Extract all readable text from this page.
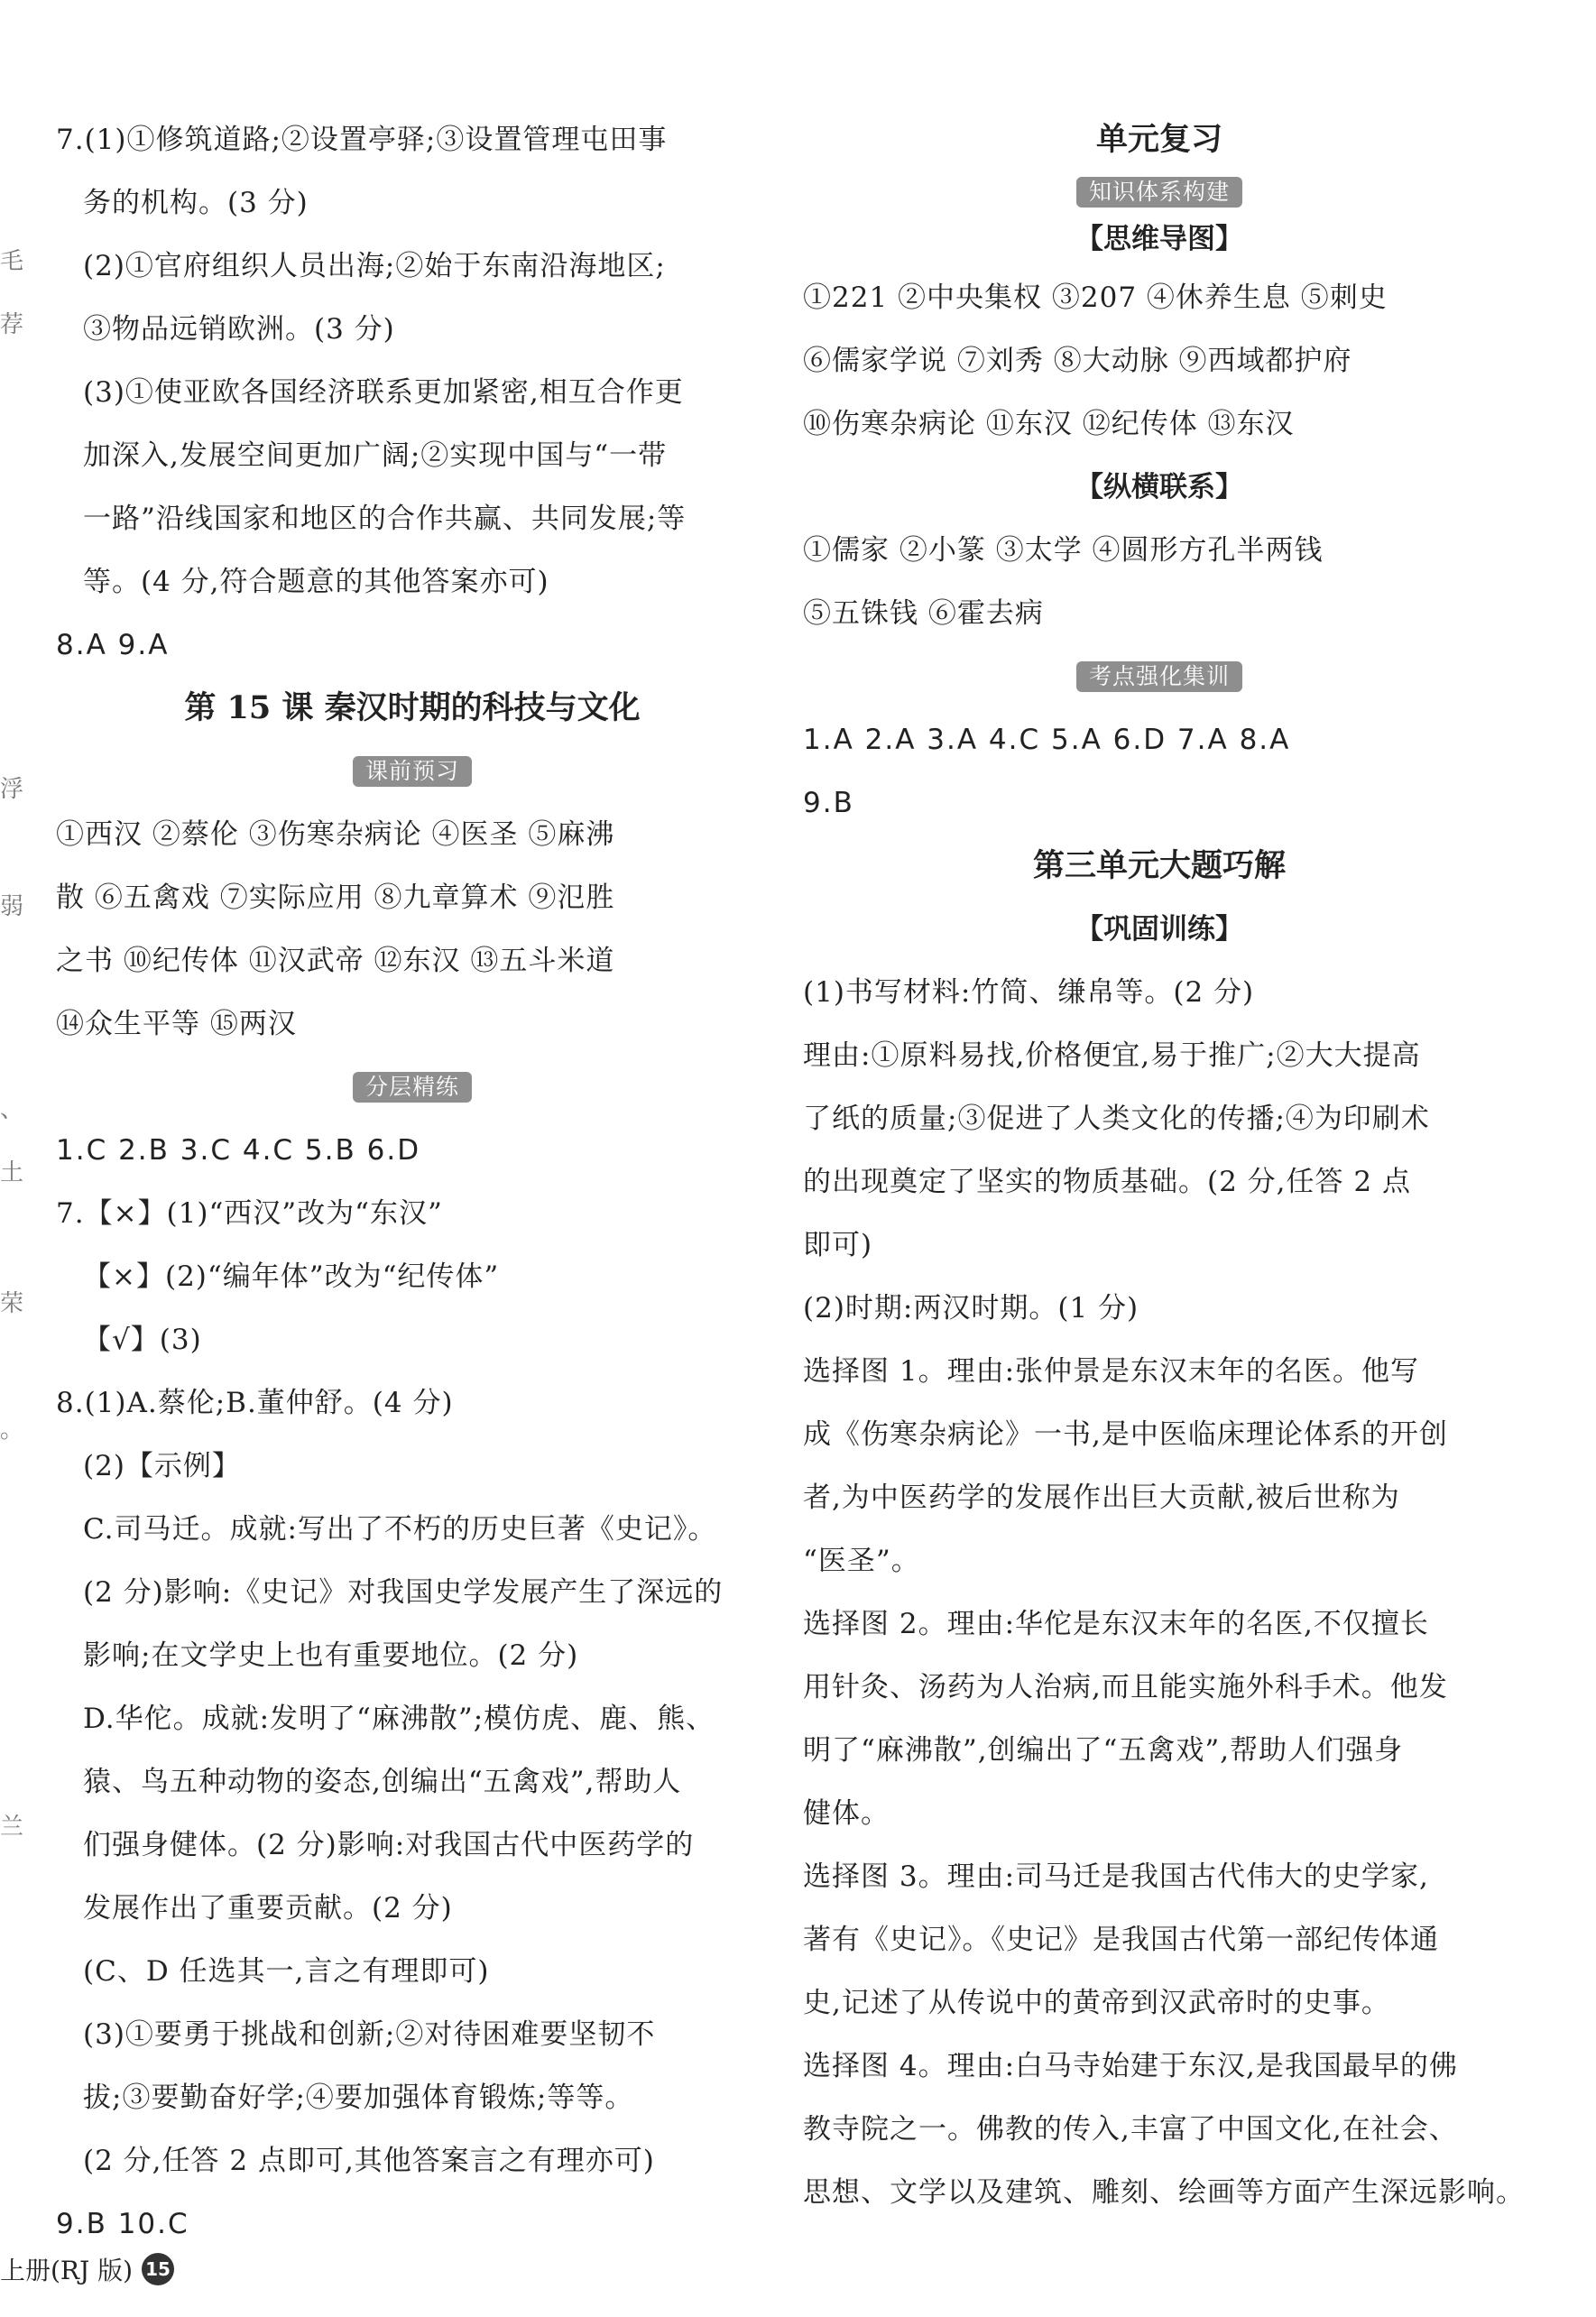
毛
荐
浮
弱
、
土
荣
。
兰
7.(1)①修筑道路;②设置亭驿;③设置管理屯田事
务的机构。(3 分)
(2)①官府组织人员出海;②始于东南沿海地区;
③物品远销欧洲。(3 分)
(3)①使亚欧各国经济联系更加紧密,相互合作更
加深入,发展空间更加广阔;②实现中国与“一带
一路”沿线国家和地区的合作共赢、共同发展;等
等。(4 分,符合题意的其他答案亦可)
8.A 9.A
第 15 课 秦汉时期的科技与文化
课前预习
①西汉 ②蔡伦 ③伤寒杂病论 ④医圣 ⑤麻沸
散 ⑥五禽戏 ⑦实际应用 ⑧九章算术 ⑨氾胜
之书 ⑩纪传体 ⑪汉武帝 ⑫东汉 ⑬五斗米道
⑭众生平等 ⑮两汉
分层精练
1.C 2.B 3.C 4.C 5.B 6.D
7.【×】(1)“西汉”改为“东汉”
【×】(2)“编年体”改为“纪传体”
【√】(3)
8.(1)A.蔡伦;B.董仲舒。(4 分)
(2)【示例】
C.司马迁。成就:写出了不朽的历史巨著《史记》。
(2 分)影响:《史记》对我国史学发展产生了深远的
影响;在文学史上也有重要地位。(2 分)
D.华佗。成就:发明了“麻沸散”;模仿虎、鹿、熊、
猿、鸟五种动物的姿态,创编出“五禽戏”,帮助人
们强身健体。(2 分)影响:对我国古代中医药学的
发展作出了重要贡献。(2 分)
(C、D 任选其一,言之有理即可)
(3)①要勇于挑战和创新;②对待困难要坚韧不
拔;③要勤奋好学;④要加强体育锻炼;等等。
(2 分,任答 2 点即可,其他答案言之有理亦可)
9.B 10.C
单元复习
知识体系构建
【思维导图】
①221 ②中央集权 ③207 ④休养生息 ⑤刺史
⑥儒家学说 ⑦刘秀 ⑧大动脉 ⑨西域都护府
⑩伤寒杂病论 ⑪东汉 ⑫纪传体 ⑬东汉
【纵横联系】
①儒家 ②小篆 ③太学 ④圆形方孔半两钱
⑤五铢钱 ⑥霍去病
考点强化集训
1.A 2.A 3.A 4.C 5.A 6.D 7.A 8.A
9.B
第三单元大题巧解
【巩固训练】
(1)书写材料:竹简、缣帛等。(2 分)
理由:①原料易找,价格便宜,易于推广;②大大提高
了纸的质量;③促进了人类文化的传播;④为印刷术
的出现奠定了坚实的物质基础。(2 分,任答 2 点
即可)
(2)时期:两汉时期。(1 分)
选择图 1。理由:张仲景是东汉末年的名医。他写
成《伤寒杂病论》一书,是中医临床理论体系的开创
者,为中医药学的发展作出巨大贡献,被后世称为
“医圣”。
选择图 2。理由:华佗是东汉末年的名医,不仅擅长
用针灸、汤药为人治病,而且能实施外科手术。他发
明了“麻沸散”,创编出了“五禽戏”,帮助人们强身
健体。
选择图 3。理由:司马迁是我国古代伟大的史学家,
著有《史记》。《史记》是我国古代第一部纪传体通
史,记述了从传说中的黄帝到汉武帝时的史事。
选择图 4。理由:白马寺始建于东汉,是我国最早的佛
教寺院之一。佛教的传入,丰富了中国文化,在社会、
思想、文学以及建筑、雕刻、绘画等方面产生深远影响。
上册(RJ 版) 15
